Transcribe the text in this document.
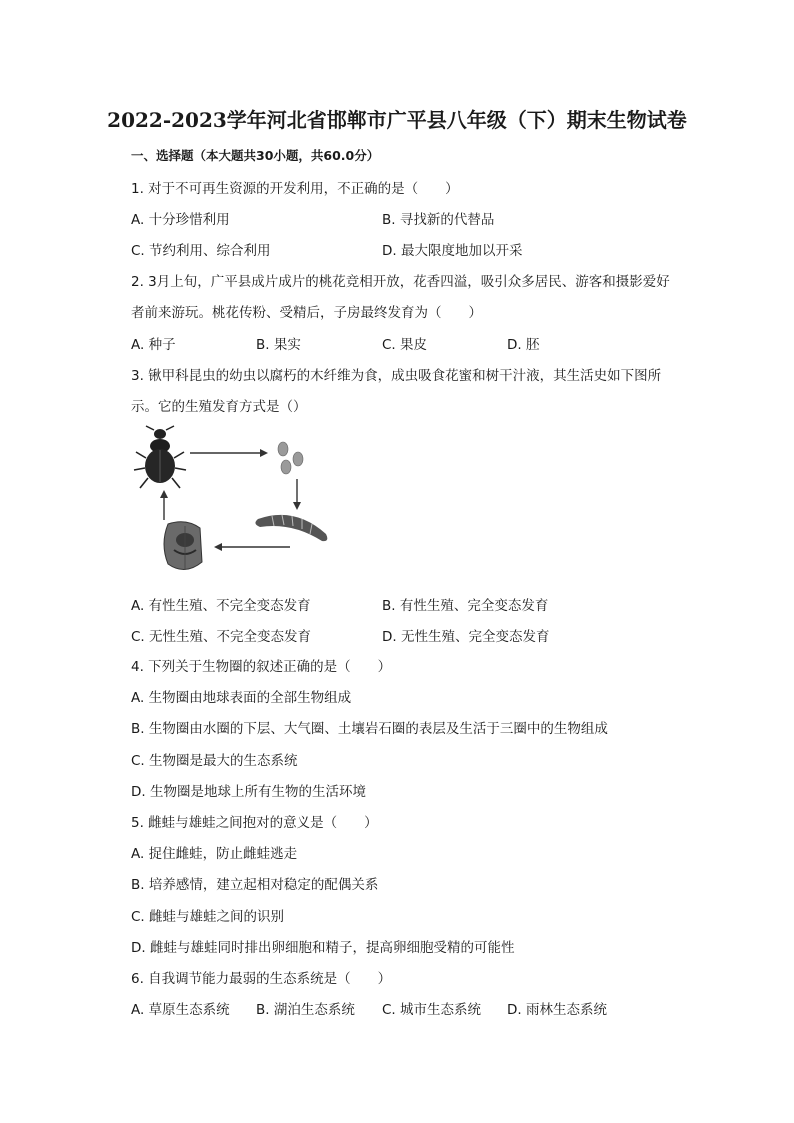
2022-2023学年河北省邯郸市广平县八年级（下）期末生物试卷
一、选择题（本大题共30小题，共60.0分）
1. 对于不可再生资源的开发利用，不正确的是（　　）
A. 十分珍惜利用	B. 寻找新的代替品
C. 节约利用、综合利用	D. 最大限度地加以开采
2. 3月上旬，广平县成片成片的桃花竞相开放，花香四溢，吸引众多居民、游客和摄影爱好
者前来游玩。桃花传粉、受精后，子房最终发育为（　　）
A. 种子	B. 果实	C. 果皮	D. 胚
3. 锹甲科昆虫的幼虫以腐朽的木纤维为食，成虫吸食花蜜和树干汁液，其生活史如下图所
示。它的生殖发育方式是（）
A. 有性生殖、不完全变态发育	B. 有性生殖、完全变态发育
C. 无性生殖、不完全变态发育	D. 无性生殖、完全变态发育
4. 下列关于生物圈的叙述正确的是（　　）
A. 生物圈由地球表面的全部生物组成
B. 生物圈由水圈的下层、大气圈、土壤岩石圈的表层及生活于三圈中的生物组成
C. 生物圈是最大的生态系统
D. 生物圈是地球上所有生物的生活环境
5. 雌蛙与雄蛙之间抱对的意义是（　　）
A. 捉住雌蛙，防止雌蛙逃走
B. 培养感情，建立起相对稳定的配偶关系
C. 雌蛙与雄蛙之间的识别
D. 雌蛙与雄蛙同时排出卵细胞和精子，提高卵细胞受精的可能性
6. 自我调节能力最弱的生态系统是（　　）
A. 草原生态系统 B. 湖泊生态系统 C. 城市生态系统 D. 雨林生态系统
